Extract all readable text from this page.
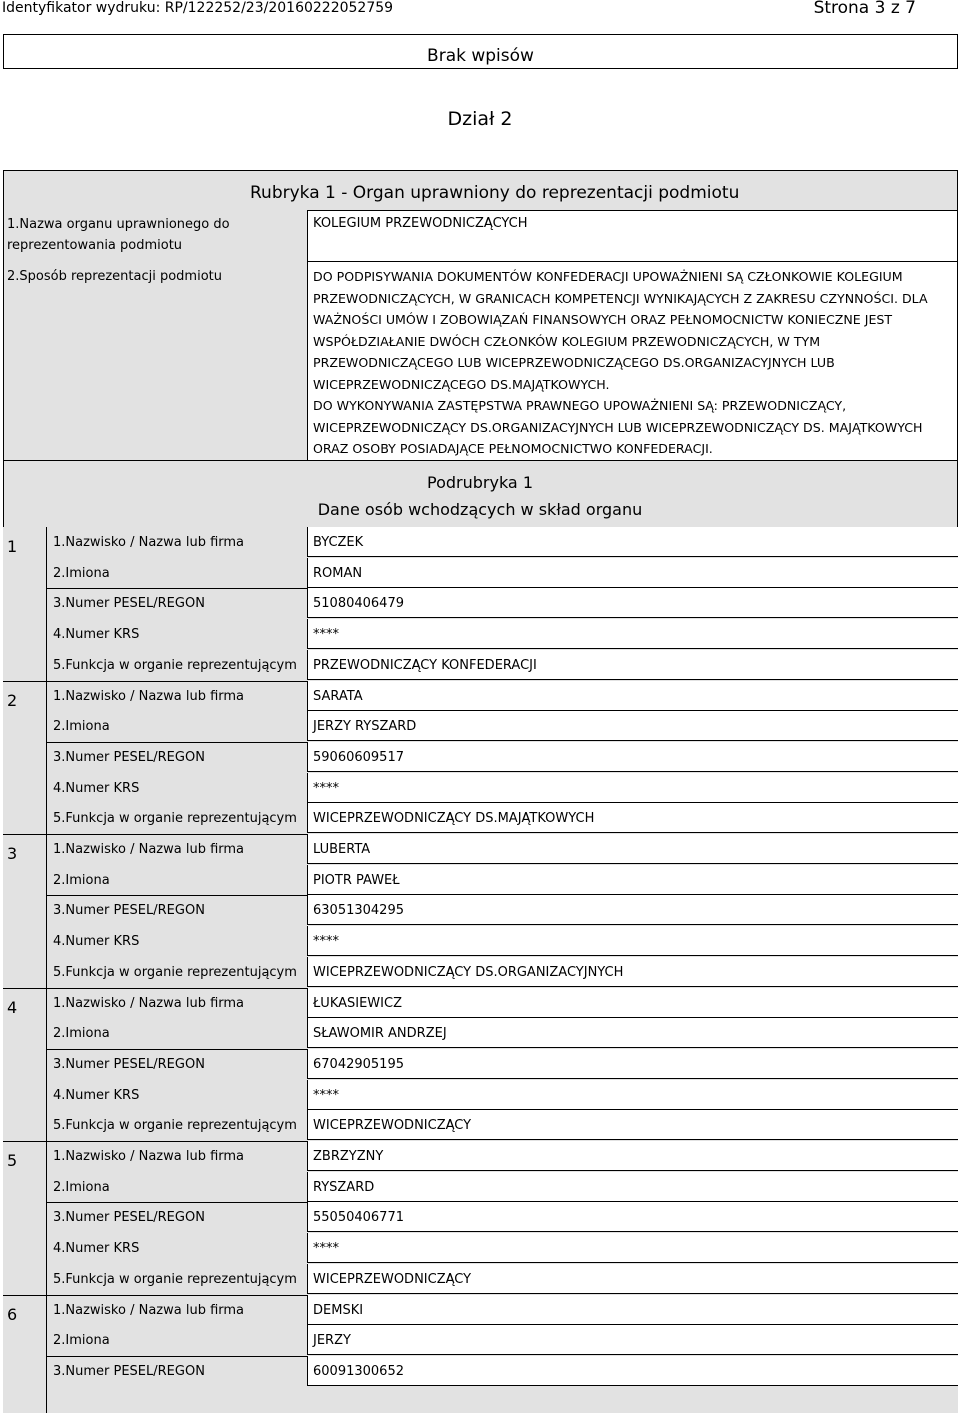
Identyfikator wydruku: RP/122252/23/20160222052759	Strona 3 z 7
Brak wpisów
Dział 2
Rubryka 1 - Organ uprawniony do reprezentacji podmiotu
1.Nazwa organu uprawnionego do reprezentowania podmiotu
KOLEGIUM PRZEWODNICZĄCYCH
2.Sposób reprezentacji podmiotu	DO PODPISYWANIA DOKUMENTÓW KONFEDERACJI UPOWAŻNIENI SĄ CZŁONKOWIE KOLEGIUM PRZEWODNICZĄCYCH, W GRANICACH KOMPETENCJI WYNIKAJĄCYCH Z ZAKRESU CZYNNOŚCI. DLA WAŻNOŚCI UMÓW I ZOBOWIĄZAŃ FINANSOWYCH ORAZ PEŁNOMOCNICTW KONIECZNE JEST WSPÓŁDZIAŁANIE DWÓCH CZŁONKÓW KOLEGIUM PRZEWODNICZĄCYCH, W TYM PRZEWODNICZĄCEGO LUB WICEPRZEWODNICZĄCEGO DS.ORGANIZACYJNYCH LUB WICEPRZEWODNICZĄCEGO DS.MAJĄTKOWYCH.

DO WYKONYWANIA ZASTĘPSTWA PRAWNEGO UPOWAŻNIENI SĄ: PRZEWODNICZĄCY, WICEPRZEWODNICZĄCY DS.ORGANIZACYJNYCH LUB WICEPRZEWODNICZĄCY DS. MAJĄTKOWYCH ORAZ OSOBY POSIADAJĄCE PEŁNOMOCNICTWO KONFEDERACJI.

Podrubryka 1
Dane osób wchodzących w skład organu
1	1.Nazwisko / Nazwa lub firma	BYCZEK
2.Imiona	ROMAN
3.Numer PESEL/REGON	51080406479
4.Numer KRS	****
5.Funkcja w organie reprezentującym PRZEWODNICZĄCY KONFEDERACJI
2	1.Nazwisko / Nazwa lub firma	SARATA
2.Imiona	JERZY RYSZARD
3.Numer PESEL/REGON	59060609517
4.Numer KRS	****
5.Funkcja w organie reprezentującym WICEPRZEWODNICZĄCY DS.MAJĄTKOWYCH
3	1.Nazwisko / Nazwa lub firma	LUBERTA
2.Imiona	PIOTR PAWEŁ
3.Numer PESEL/REGON	63051304295
4.Numer KRS	****
5.Funkcja w organie reprezentującym WICEPRZEWODNICZĄCY DS.ORGANIZACYJNYCH
4	1.Nazwisko / Nazwa lub firma	ŁUKASIEWICZ
2.Imiona	SŁAWOMIR ANDRZEJ
3.Numer PESEL/REGON	67042905195
4.Numer KRS	****
5.Funkcja w organie reprezentującym WICEPRZEWODNICZĄCY
5	1.Nazwisko / Nazwa lub firma	ZBRZYZNY
2.Imiona	RYSZARD
3.Numer PESEL/REGON	55050406771
4.Numer KRS	****
5.Funkcja w organie reprezentującym WICEPRZEWODNICZĄCY
6	1.Nazwisko / Nazwa lub firma	DEMSKI
2.Imiona	JERZY
3.Numer PESEL/REGON	60091300652
